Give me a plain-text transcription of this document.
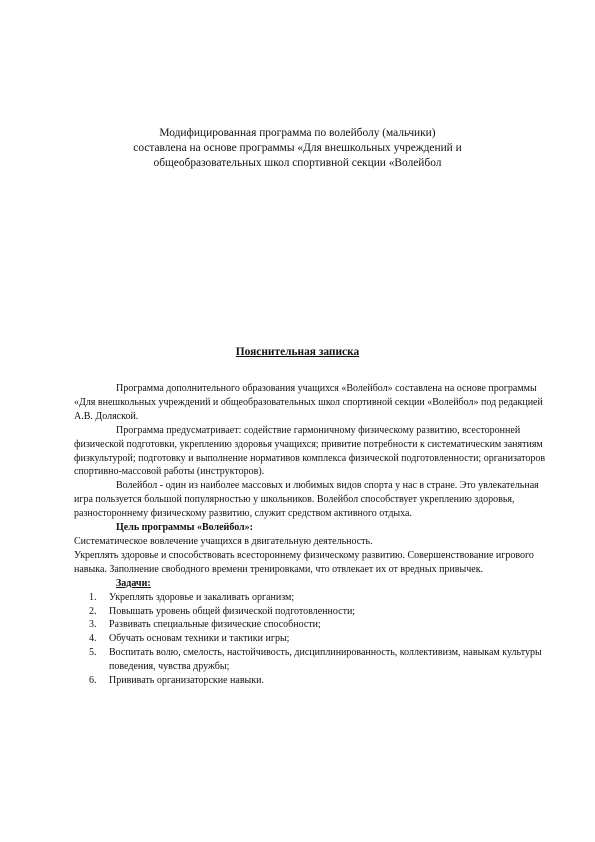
Модифицированная программа по волейболу (мальчики)
составлена на основе программы «Для внешкольных учреждений и
общеобразовательных школ спортивной секции «Волейбол
Пояснительная записка

Программа дополнительного образования учащихся «Волейбол» составлена на основе программы «Для внешкольных учреждений и общеобразовательных школ спортивной секции «Волейбол» под редакцией А.В. Доляской.

Программа предусматривает: содействие гармоничному физическому развитию, всесторонней физической подготовки, укреплению здоровья учащихся; привитие потребности к систематическим занятиям физкультурой; подготовку и выполнение нормативов комплекса физической подготовленности; организаторов спортивно-массовой работы (инструкторов).

Волейбол - один из наиболее массовых и любимых видов спорта у нас в стране. Это увлекательная игра пользуется большой популярностью у школьников. Волейбол способствует укреплению здоровья, разностороннему физическому развитию, служит средством активного отдыха.

Цель программы «Волейбол»:

Систематическое вовлечение учащихся в двигательную деятельность.

Укреплять здоровье и способствовать всестороннему физическому развитию. Совершенствование игрового навыка. Заполнение свободного времени тренировками, что отвлекает их от вредных привычек.

Задачи:

1. Укреплять здоровье и закаливать организм;
2. Повышать уровень общей физической подготовленности;
3. Развивать специальные физические способности;
4. Обучать основам техники и тактики игры;
5. Воспитать волю, смелость, настойчивость, дисциплинированность, коллективизм, навыкам культуры поведения, чувства дружбы;
6. Прививать организаторские навыки.
